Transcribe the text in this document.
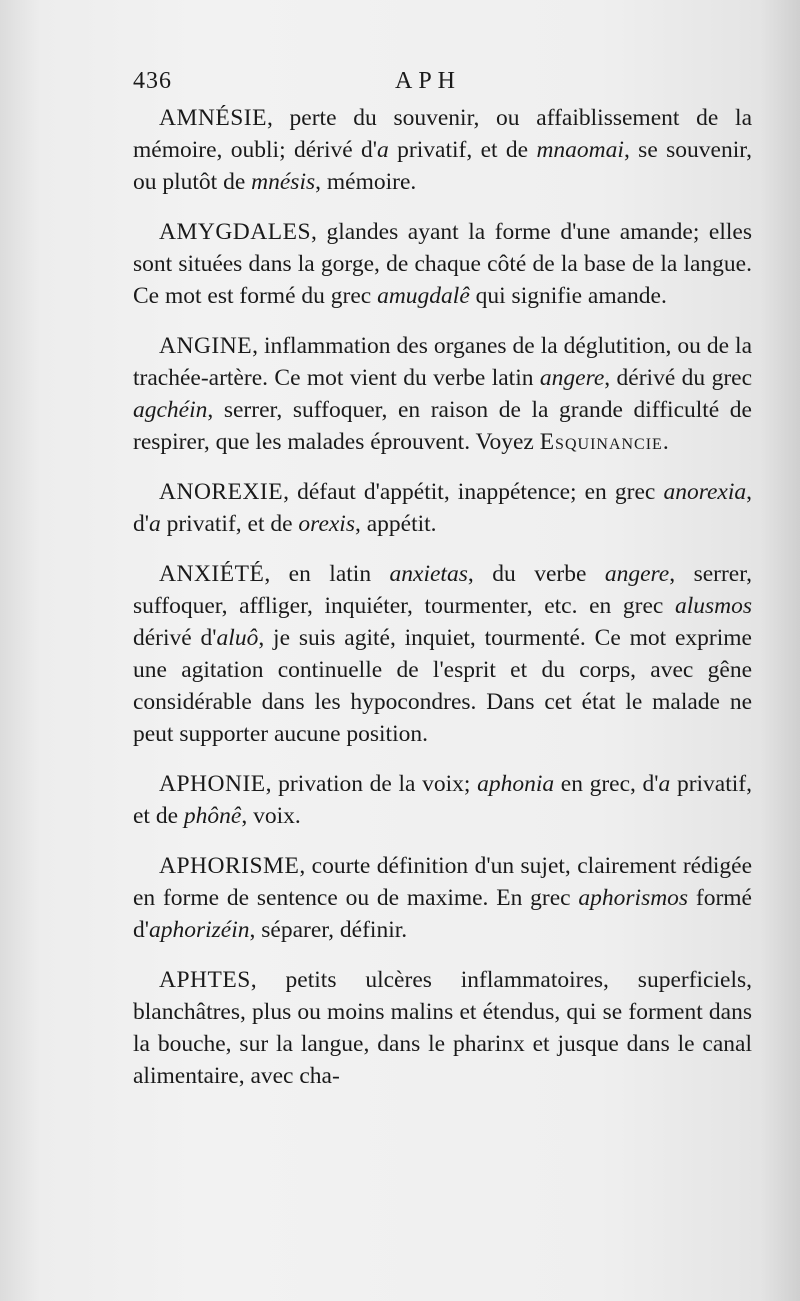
436	APH

AMNÉSIE, perte du souvenir, ou affaiblissement de la mémoire, oubli; dérivé d'a privatif, et de mnaomai, se souvenir, ou plutôt de mnésis, mémoire.

AMYGDALES, glandes ayant la forme d'une amande; elles sont situées dans la gorge, de chaque côté de la base de la langue. Ce mot est formé du grec amugdalê qui signifie amande.

ANGINE, inflammation des organes de la déglutition, ou de la trachée-artère. Ce mot vient du verbe latin angere, dérivé du grec agchéin, serrer, suffoquer, en raison de la grande difficulté de respirer, que les malades éprouvent. Voyez Esquinancie.

ANOREXIE, défaut d'appétit, inappétence; en grec anorexia, d'a privatif, et de orexis, appétit.

ANXIÉTÉ, en latin anxietas, du verbe angere, serrer, suffoquer, affliger, inquiéter, tourmenter, etc. en grec alusmos dérivé d'aluô, je suis agité, inquiet, tourmenté. Ce mot exprime une agitation continuelle de l'esprit et du corps, avec gêne considérable dans les hypocondres. Dans cet état le malade ne peut supporter aucune position.

APHONIE, privation de la voix; aphonia en grec, d'a privatif, et de phônê, voix.

APHORISME, courte définition d'un sujet, clairement rédigée en forme de sentence ou de maxime. En grec aphorismos formé d'aphorizéin, séparer, définir.

APHTES, petits ulcères inflammatoires, superficiels, blanchâtres, plus ou moins malins et étendus, qui se forment dans la bouche, sur la langue, dans le pharinx et jusque dans le canal alimentaire, avec cha-
